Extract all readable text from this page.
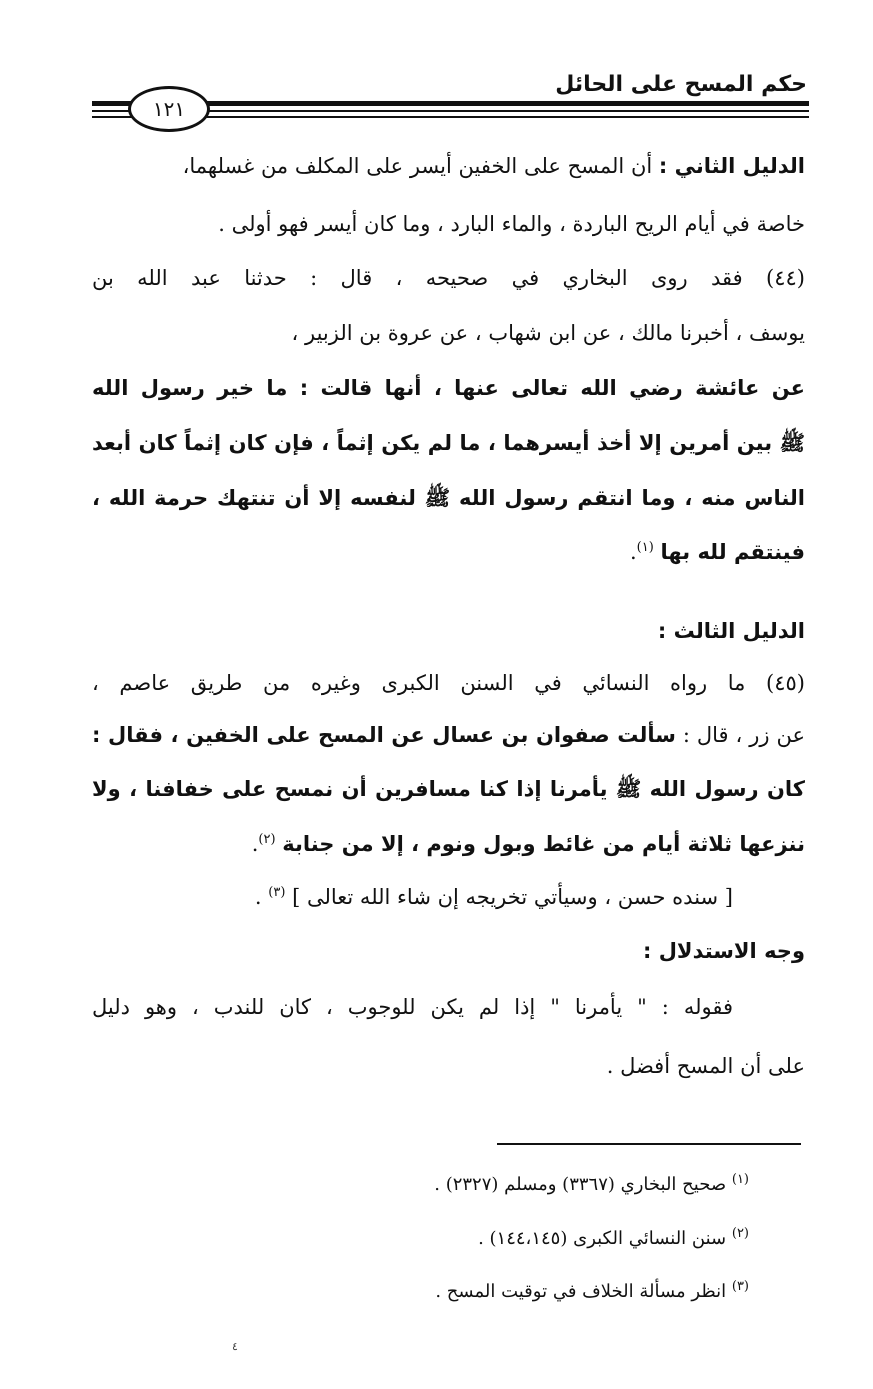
حكم المسح على الحائل
١٢١
الدليل الثاني : أن المسح على الخفين أيسر على المكلف من غسلهما،
خاصة في أيام الريح الباردة ، والماء البارد ، وما كان أيسر فهو أولى .
(٤٤) فقد روى البخاري في صحيحه ، قال : حدثنا عبد الله بن
يوسف ، أخبرنا مالك ، عن ابن شهاب ، عن عروة بن الزبير ،
عن عائشة رضي الله تعالى عنها ، أنها قالت : ما خير رسول الله
ﷺ بين أمرين إلا أخذ أيسرهما ، ما لم يكن إثماً ، فإن كان إثماً كان أبعد
الناس منه ، وما انتقم رسول الله ﷺ لنفسه إلا أن تنتهك حرمة الله ،
فينتقم لله بها $^{(١)}$.
الدليل الثالث :
(٤٥) ما رواه النسائي في السنن الكبرى وغيره من طريق عاصم ،
عن زر ، قال : سألت صفوان بن عسال عن المسح على الخفين ، فقال :
كان رسول الله ﷺ يأمرنا إذا كنا مسافرين أن نمسح على خفافنا ، ولا
ننزعها ثلاثة أيام من غائط وبول ونوم ، إلا من جنابة $^{(٢)}$.
[ سنده حسن ، وسيأتي تخريجه إن شاء الله تعالى ] $^{(٣)}$ .
وجه الاستدلال :
فقوله : " يأمرنا " إذا لم يكن للوجوب ، كان للندب ، وهو دليل
على أن المسح أفضل .
$^{(١)}$ صحيح البخاري (٣٣٦٧) ومسلم (٢٣٢٧) .
$^{(٢)}$ سنن النسائي الكبرى (١٤٤،١٤٥) .
$^{(٣)}$ انظر مسألة الخلاف في توقيت المسح .
٤
